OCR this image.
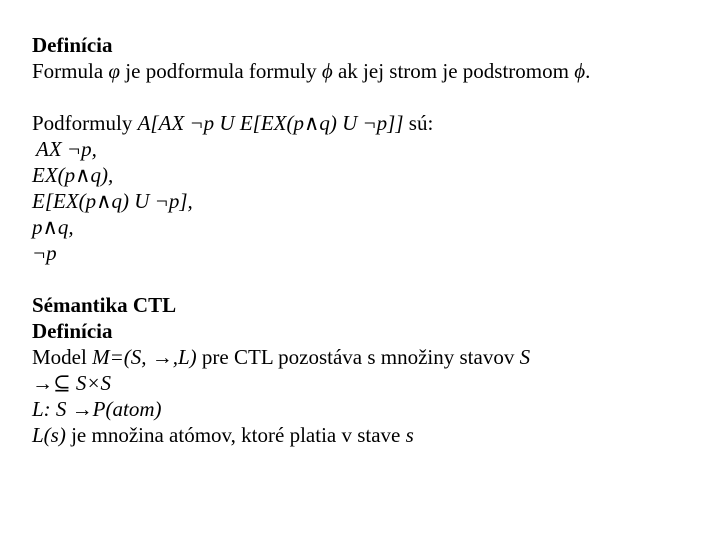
Definícia
Formula φ je podformula formuly ϕ ak jej strom je podstromom ϕ.
Podformuly A[AX ¬p U E[EX(p∧q) U ¬p]] sú:
AX ¬p,
EX(p∧q),
E[EX(p∧q) U ¬p],
p∧q,
¬p
Sémantika CTL
Definícia
Model M=(S, →,L) pre CTL pozostáva s množiny stavov S
→⊆ S×S
L: S →P(atom)
L(s) je množina atómov, ktoré platia v stave s
